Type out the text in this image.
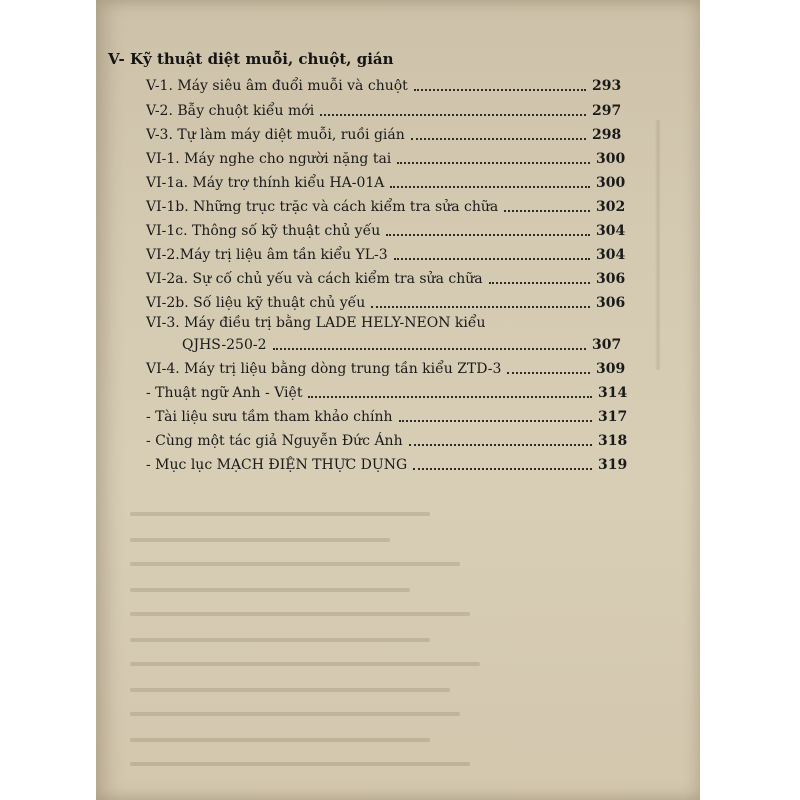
V- Kỹ thuật diệt muỗi, chuột, gián
V-1. Máy siêu âm đuổi muỗi và chuột	293
V-2. Bẫy chuột kiểu mới	297
V-3. Tự làm máy diệt muỗi, ruồi gián	298
VI-1. Máy nghe cho người nặng tai	300
VI-1a. Máy trợ thính kiểu HA-01A	300
VI-1b. Những trục trặc và cách kiểm tra sửa chữa	302
VI-1c. Thông số kỹ thuật chủ yếu	304
VI-2.Máy trị liệu âm tần kiểu YL-3	304
VI-2a. Sự cố chủ yếu và cách kiểm tra sửa chữa	306
VI-2b. Số liệu kỹ thuật chủ yếu	306
VI-3. Máy điều trị bằng LADE HELY-NEON kiểu
QJHS-250-2	307
VI-4. Máy trị liệu bằng dòng trung tần kiểu ZTD-3	309
- Thuật ngữ Anh - Việt	314
- Tài liệu sưu tầm tham khảo chính	317
- Cùng một tác giả Nguyễn Đức Ánh	318
- Mục lục MẠCH ĐIỆN THỰC DỤNG	319
